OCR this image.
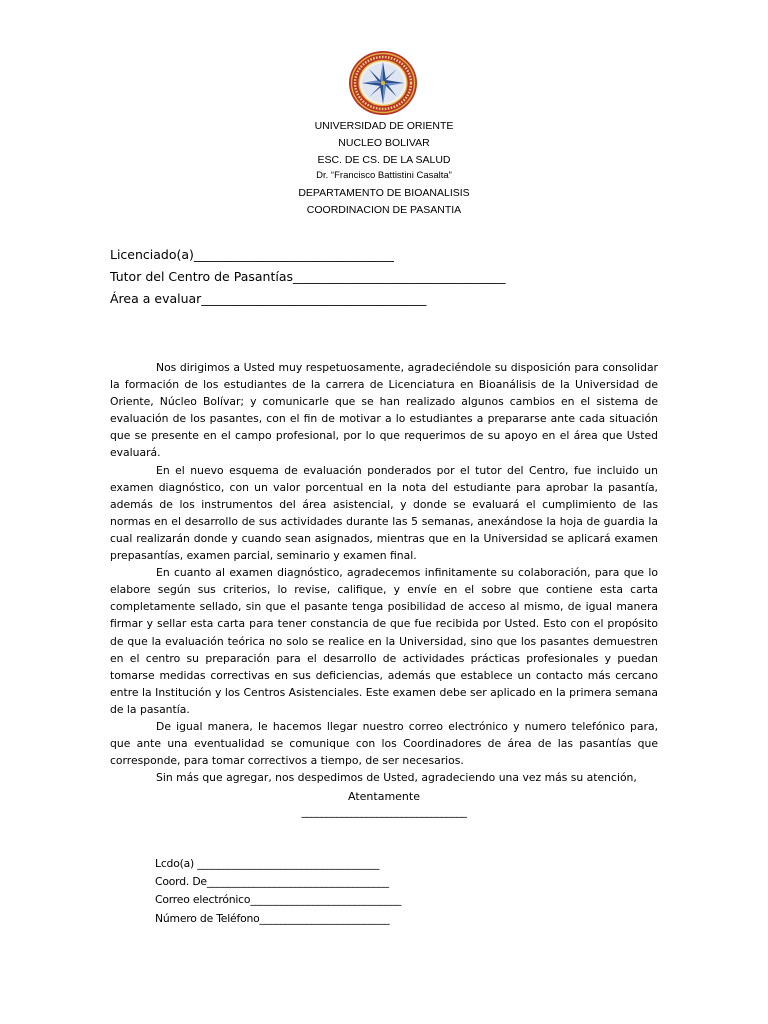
UNIVERSIDAD DE ORIENTE
NUCLEO BOLIVAR
ESC. DE CS. DE LA SALUD
Dr. “Francisco Battistini Casalta”
DEPARTAMENTO DE BIOANALISIS
COORDINACION DE PASANTIA
Licenciado(a)________________________________
Tutor del Centro de Pasantías__________________________________
Área a evaluar____________________________________

Nos dirigimos a Usted muy respetuosamente, agradeciéndole su disposición para consolidar la formación de los estudiantes de la carrera de Licenciatura en Bioanálisis de la Universidad de Oriente, Núcleo Bolívar; y comunicarle que se han realizado algunos cambios en el sistema de evaluación de los pasantes, con el fin de motivar a lo estudiantes a prepararse ante cada situación que se presente en el campo profesional, por lo que requerimos de su apoyo en el área que Usted evaluará.

En el nuevo esquema de evaluación ponderados por el tutor del Centro, fue incluido un examen diagnóstico, con un valor porcentual en la nota del estudiante para aprobar la pasantía, además de los instrumentos del área asistencial, y donde se evaluará el cumplimiento de las normas en el desarrollo de sus actividades durante las 5 semanas, anexándose la hoja de guardia la cual realizarán donde y cuando sean asignados, mientras que en la Universidad se aplicará examen prepasantías, examen parcial, seminario y examen final.

En cuanto al examen diagnóstico, agradecemos infinitamente su colaboración, para que lo elabore según sus criterios, lo revise, califique, y envíe en el sobre que contiene esta carta completamente sellado, sin que el pasante tenga posibilidad de acceso al mismo, de igual manera firmar y sellar esta carta para tener constancia de que fue recibida por Usted. Esto con el propósito de que la evaluación teórica no solo se realice en la Universidad, sino que los pasantes demuestren en el centro su preparación para el desarrollo de actividades prácticas profesionales y puedan tomarse medidas correctivas en sus deficiencias, además que establece un contacto más cercano entre la Institución y los Centros Asistenciales. Este examen debe ser aplicado en la primera semana de la pasantía.

De igual manera, le hacemos llegar nuestro correo electrónico y numero telefónico para, que ante una eventualidad se comunique con los Coordinadores de área de las pasantías que corresponde, para tomar correctivos a tiempo, de ser necesarios.

Sin más que agregar, nos despedimos de Usted, agradeciendo una vez más su atención,

Atentamente
_________________________________
Lcdo(a) ___________________________________
Coord. De___________________________________
Correo electrónico_____________________________
Número de Teléfono_________________________
